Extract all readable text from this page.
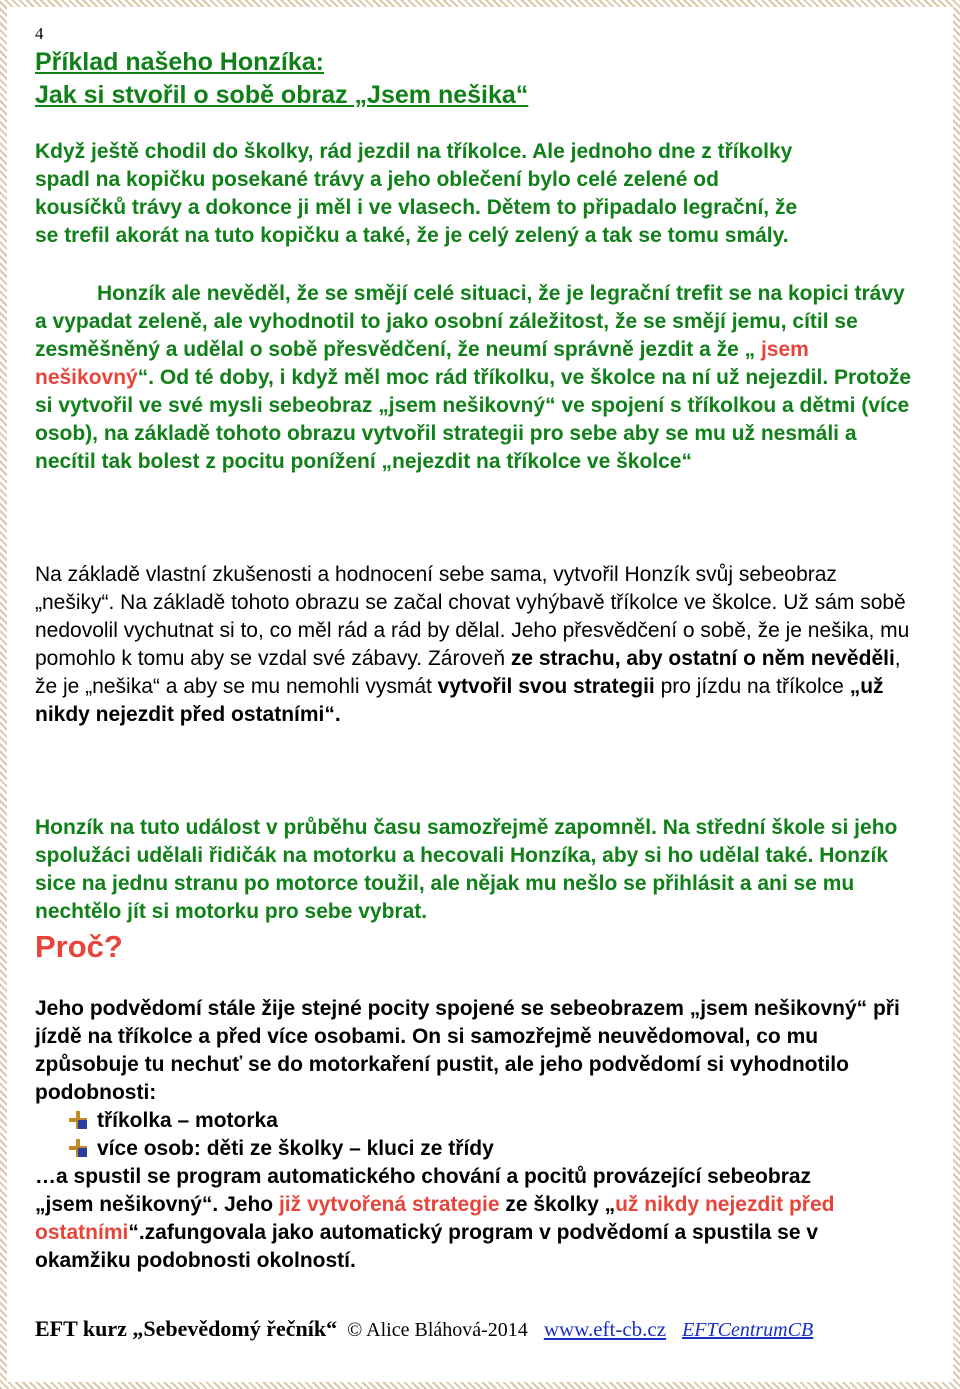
4
Příklad našeho Honzíka:
Jak si stvořil o sobě obraz „Jsem nešika“
Když ještě chodil do školky, rád jezdil na tříkolce. Ale jednoho dne z tříkolky
spadl na kopičku posekané trávy a jeho oblečení bylo celé zelené od
kousíčků trávy a dokonce ji měl i ve vlasech. Dětem to připadalo legrační, že
se trefil akorát na tuto kopičku a také, že je celý zelený a tak se tomu smály.
Honzík ale nevěděl, že se smějí celé situaci, že je legrační trefit se na kopici trávy a vypadat zeleně, ale vyhodnotil to jako osobní záležitost, že se smějí jemu, cítil se zesměšněný a udělal o sobě přesvědčení, že neumí správně jezdit a že „ jsem nešikovný“. Od té doby, i když měl moc rád tříkolku, ve školce na ní už nejezdil. Protože si vytvořil ve své mysli sebeobraz „jsem nešikovný“ ve spojení s tříkolkou a dětmi (více osob), na základě tohoto obrazu vytvořil strategii pro sebe aby se mu už nesmáli a necítil tak bolest z pocitu ponížení „nejezdit na tříkolce ve školce“
Na základě vlastní zkušenosti a hodnocení sebe sama, vytvořil Honzík svůj sebeobraz „nešiky“. Na základě tohoto obrazu se začal chovat vyhýbavě tříkolce ve školce. Už sám sobě nedovolil vychutnat si to, co měl rád a rád by dělal. Jeho přesvědčení o sobě, že je nešika, mu pomohlo k tomu aby se vzdal své zábavy. Zároveň ze strachu, aby ostatní o něm nevěděli, že je „nešika“ a aby se mu nemohli vysmát vytvořil svou strategii pro jízdu na tříkolce „už nikdy nejezdit před ostatními“.
Honzík na tuto událost v průběhu času samozřejmě zapomněl. Na střední škole si jeho spolužáci udělali řidičák na motorku a hecovali Honzíka, aby si ho udělal také. Honzík sice na jednu stranu po motorce toužil, ale nějak mu nešlo se přihlásit a ani se mu nechtělo jít si motorku pro sebe vybrat.
Proč?
Jeho podvědomí stále žije stejné pocity spojené se sebeobrazem „jsem nešikovný“ při jízdě na tříkolce a před více osobami. On si samozřejmě neuvědomoval, co mu způsobuje tu nechuť se do motorkaření pustit, ale jeho podvědomí si vyhodnotilo podobnosti:
tříkolka – motorka
více osob: děti ze školky – kluci ze třídy
…a spustil se program automatického chování a pocitů provázející sebeobraz „jsem nešikovný“. Jeho již vytvořená strategie ze školky „už nikdy nejezdit před ostatními“.zafungovala jako automatický program v podvědomí a spustila se v okamžiku podobnosti okolností.
EFT kurz „Sebevědomý řečník“ © Alice Bláhová-2014 www.eft-cb.cz EFTCentrumCB
